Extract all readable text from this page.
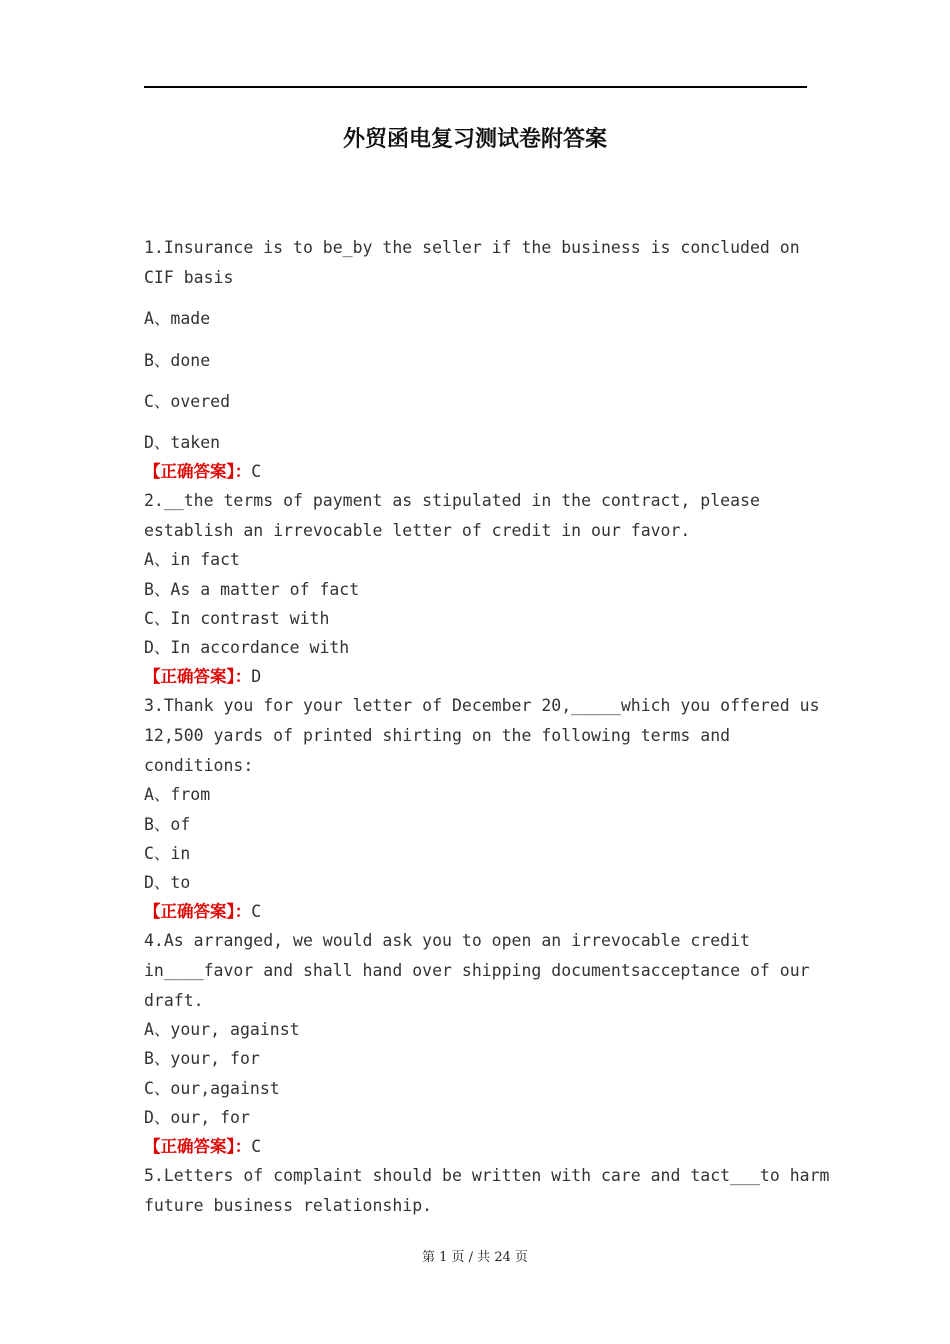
外贸函电复习测试卷附答案
1.Insurance is to be_by the seller if the business is concluded on
CIF basis
A、made
B、done
C、overed
D、taken
【正确答案】：C
2.__the terms of payment as stipulated in the contract, please
establish an irrevocable letter of credit in our favor.
A、in fact
B、As a matter of fact
C、In contrast with
D、In accordance with
【正确答案】：D
3.Thank you for your letter of December 20,_____which you offered us
12,500 yards of printed shirting on the following terms and
conditions:
A、from
B、of
C、in
D、to
【正确答案】：C
4.As arranged, we would ask you to open an irrevocable credit
in____favor and shall hand over shipping documentsacceptance of our
draft.
A、your, against
B、your, for
C、our,against
D、our, for
【正确答案】：C
5.Letters of complaint should be written with care and tact___to harm
future business relationship.
第 1 页 / 共 24 页
